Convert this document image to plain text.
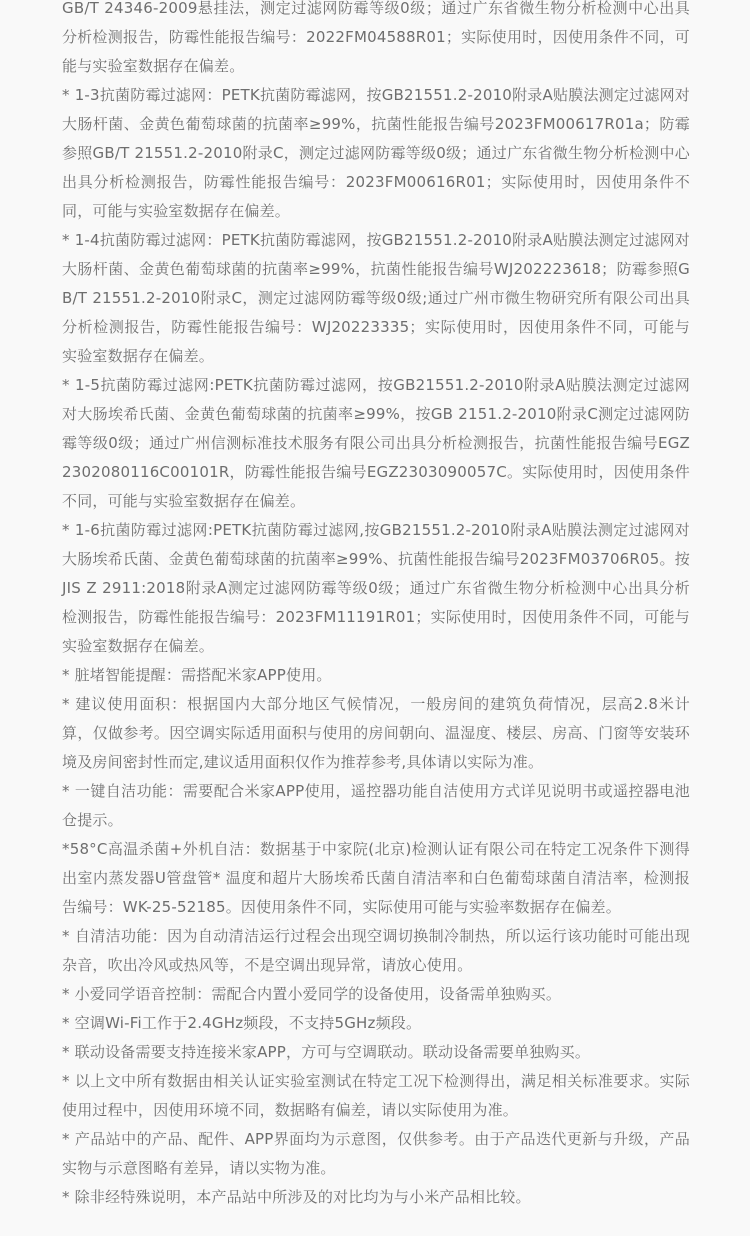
GB/T 24346-2009悬挂法，测定过滤网防霉等级0级；通过广东省微生物分析检测中心出具分析检测报告，防霉性能报告编号：2022FM04588R01；实际使用时，因使用条件不同，可能与实验室数据存在偏差。

* 1-3抗菌防霉过滤网：PETK抗菌防霉滤网，按GB21551.2-2010附录A贴膜法测定过滤网对大肠杆菌、金黄色葡萄球菌的抗菌率≥99%，抗菌性能报告编号2023FM00617R01a；防霉参照GB/T 21551.2-2010附录C，测定过滤网防霉等级0级；通过广东省微生物分析检测中心出具分析检测报告，防霉性能报告编号：2023FM00616R01；实际使用时，因使用条件不同，可能与实验室数据存在偏差。

* 1-4抗菌防霉过滤网：PETK抗菌防霉滤网，按GB21551.2-2010附录A贴膜法测定过滤网对大肠杆菌、金黄色葡萄球菌的抗菌率≥99%，抗菌性能报告编号WJ202223618；防霉参照GB/T 21551.2-2010附录C，测定过滤网防霉等级0级;通过广州市微生物研究所有限公司出具分析检测报告，防霉性能报告编号：WJ20223335；实际使用时，因使用条件不同，可能与实验室数据存在偏差。

* 1-5抗菌防霉过滤网:PETK抗菌防霉过滤网，按GB21551.2-2010附录A贴膜法测定过滤网对大肠埃希氏菌、金黄色葡萄球菌的抗菌率≥99%，按GB 2151.2-2010附录C测定过滤网防霉等级0级；通过广州信测标准技术服务有限公司出具分析检测报告，抗菌性能报告编号EGZ2302080116C00101R，防霉性能报告编号EGZ2303090057C。实际使用时，因使用条件不同，可能与实验室数据存在偏差。

* 1-6抗菌防霉过滤网:PETK抗菌防霉过滤网,按GB21551.2-2010附录A贴膜法测定过滤网对大肠埃希氏菌、金黄色葡萄球菌的抗菌率≥99%、抗菌性能报告编号2023FM03706R05。按JIS Z 2911:2018附录A测定过滤网防霉等级0级；通过广东省微生物分析检测中心出具分析检测报告，防霉性能报告编号：2023FM11191R01；实际使用时，因使用条件不同，可能与实验室数据存在偏差。

* 脏堵智能提醒：需搭配米家APP使用。

* 建议使用面积：根据国内大部分地区气候情况，一般房间的建筑负荷情况，层高2.8米计算，仅做参考。因空调实际适用面积与使用的房间朝向、温湿度、楼层、房高、门窗等安装环境及房间密封性而定,建议适用面积仅作为推荐参考,具体请以实际为准。

* 一键自洁功能：需要配合米家APP使用，遥控器功能自洁使用方式详见说明书或遥控器电池仓提示。

*58°C高温杀菌+外机自洁：数据基于中家院(北京)检测认证有限公司在特定工况条件下测得出室内蒸发器U管盘管* 温度和超片大肠埃希氏菌自清洁率和白色葡萄球菌自清洁率，检测报告编号：WK-25-52185。因使用条件不同，实际使用可能与实验率数据存在偏差。

* 自清洁功能：因为自动清洁运行过程会出现空调切换制冷制热，所以运行该功能时可能出现杂音，吹出冷风或热风等，不是空调出现异常，请放心使用。

* 小爱同学语音控制：需配合内置小爱同学的设备使用，设备需单独购买。

* 空调Wi-Fi工作于2.4GHz频段，不支持5GHz频段。

* 联动设备需要支持连接米家APP，方可与空调联动。联动设备需要单独购买。

* 以上文中所有数据由相关认证实验室测试在特定工况下检测得出，满足相关标准要求。实际使用过程中，因使用环境不同，数据略有偏差，请以实际使用为准。

* 产品站中的产品、配件、APP界面均为示意图，仅供参考。由于产品迭代更新与升级，产品实物与示意图略有差异，请以实物为准。

* 除非经特殊说明，本产品站中所涉及的对比均为与小米产品相比较。
